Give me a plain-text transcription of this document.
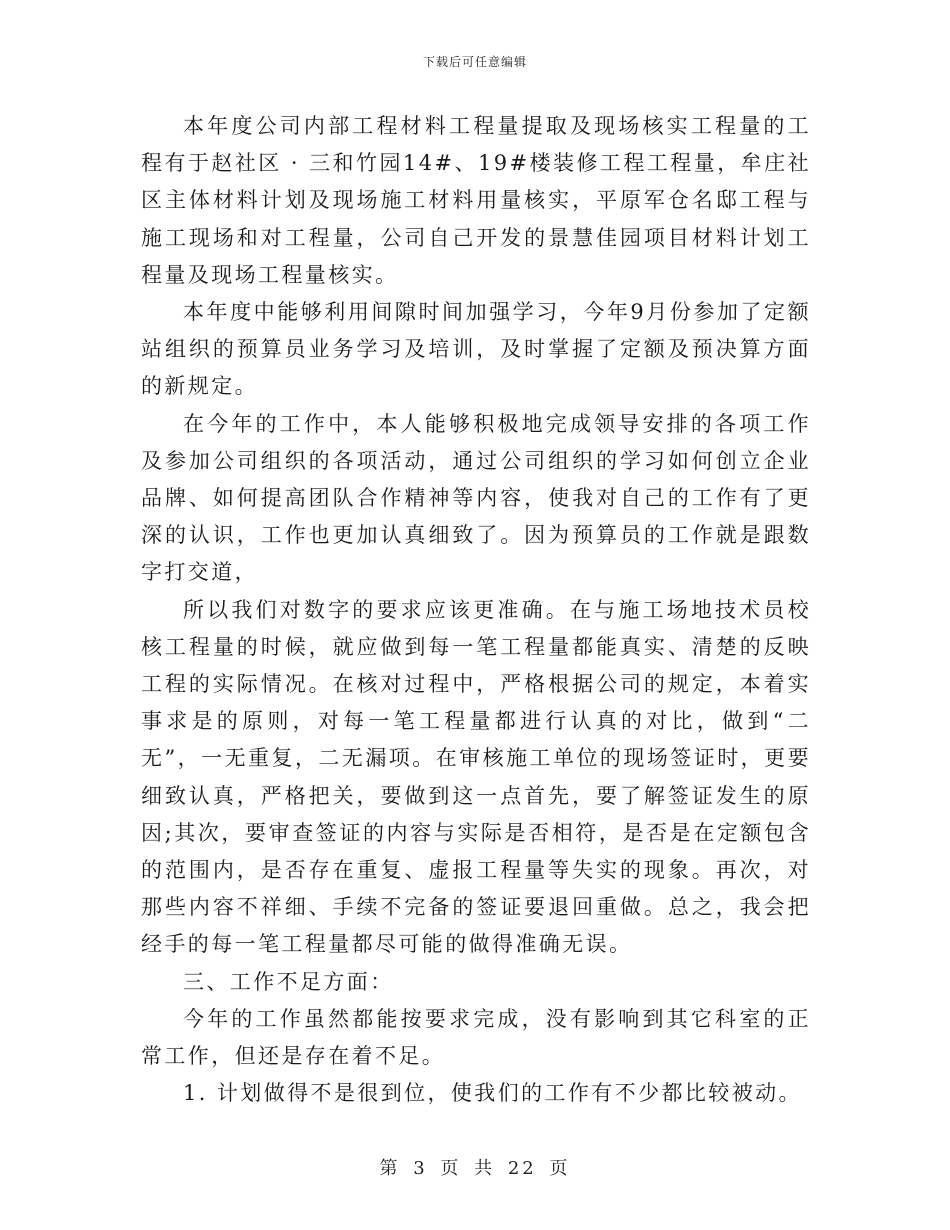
下载后可任意编辑

本年度公司内部工程材料工程量提取及现场核实工程量的工程有于赵社区 · 三和竹园14#、19#楼装修工程工程量，牟庄社区主体材料计划及现场施工材料用量核实，平原军仓名邸工程与施工现场和对工程量，公司自己开发的景慧佳园项目材料计划工程量及现场工程量核实。

本年度中能够利用间隙时间加强学习，今年9月份参加了定额站组织的预算员业务学习及培训，及时掌握了定额及预决算方面的新规定。

在今年的工作中，本人能够积极地完成领导安排的各项工作及参加公司组织的各项活动，通过公司组织的学习如何创立企业品牌、如何提高团队合作精神等内容，使我对自己的工作有了更深的认识，工作也更加认真细致了。因为预算员的工作就是跟数字打交道，

所以我们对数字的要求应该更准确。在与施工场地技术员校核工程量的时候，就应做到每一笔工程量都能真实、清楚的反映工程的实际情况。在核对过程中，严格根据公司的规定，本着实事求是的原则，对每一笔工程量都进行认真的对比，做到“二无”，一无重复，二无漏项。在审核施工单位的现场签证时，更要细致认真，严格把关，要做到这一点首先，要了解签证发生的原因;其次，要审查签证的内容与实际是否相符，是否是在定额包含的范围内，是否存在重复、虚报工程量等失实的现象。再次，对那些内容不祥细、手续不完备的签证要退回重做。总之，我会把经手的每一笔工程量都尽可能的做得准确无误。

三、工作不足方面：

今年的工作虽然都能按要求完成，没有影响到其它科室的正常工作，但还是存在着不足。

1. 计划做得不是很到位，使我们的工作有不少都比较被动。

第 3 页 共 22 页
